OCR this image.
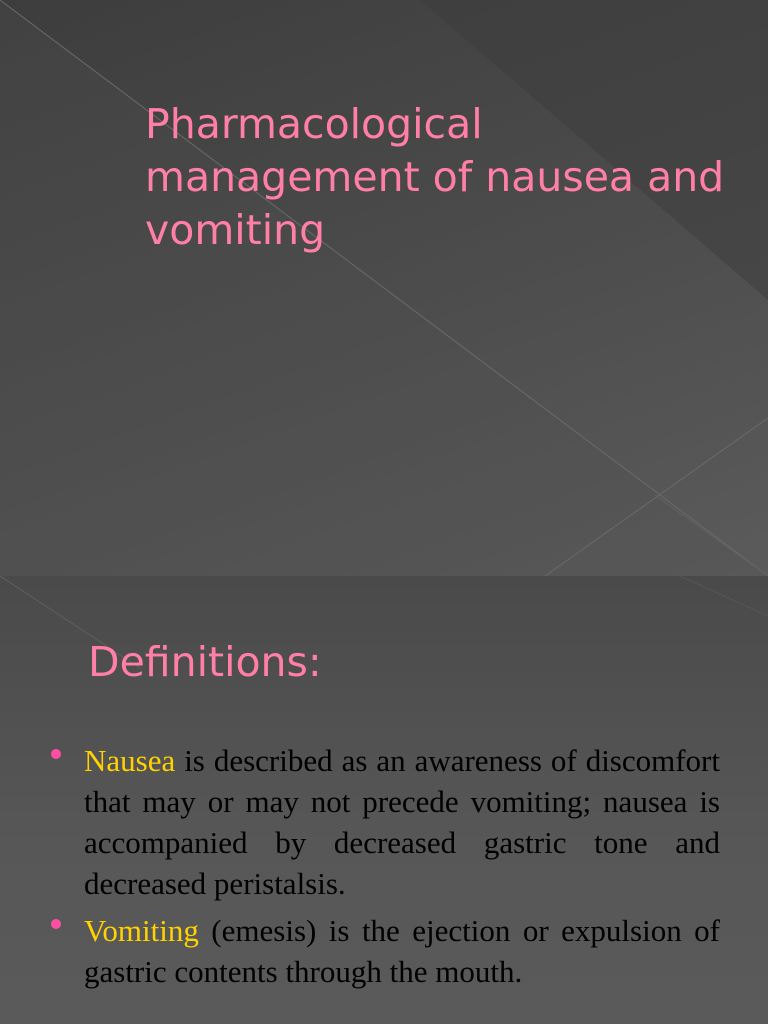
Pharmacological management of nausea and vomiting
Definitions:
Nausea is described as an awareness of discomfort that may or may not precede vomiting; nausea is accompanied by decreased gastric tone and decreased peristalsis.
Vomiting (emesis) is the ejection or expulsion of gastric contents through the mouth.
